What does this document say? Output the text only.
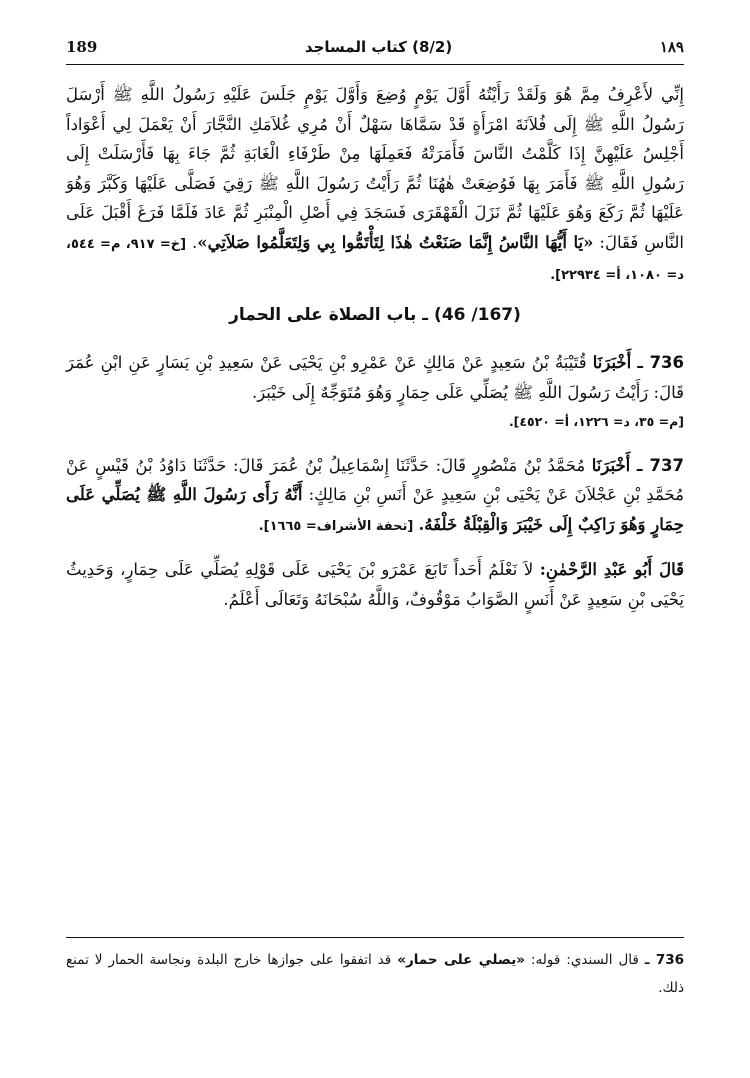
189	(8/2) كتاب المساجد	١٨٩

إِنِّي لأَعْرِفُ مِمَّ هُوَ وَلَقَدْ رَأَيْتُهُ أَوَّلَ يَوْمٍ وُضِعَ وَأَوَّلَ يَوْمٍ جَلَسَ عَلَيْهِ رَسُولُ اللَّهِ ﷺ أَرْسَلَ رَسُولُ اللَّهِ ﷺ إِلَى فُلاَنَةَ امْرَأَةٍ قَدْ سَمَّاهَا سَهْلٌ أَنْ مُرِي غُلاَمَكِ النَّجَّارَ أَنْ يَعْمَلَ لِي أَعْوَاداً أَجْلِسُ عَلَيْهِنَّ إِذَا كَلَّمْتُ النَّاسَ فَأَمَرَتْهُ فَعَمِلَهَا مِنْ طَرْفَاءِ الْغَابَةِ ثُمَّ جَاءَ بِهَا فَأَرْسَلَتْ إِلَى رَسُولِ اللَّهِ ﷺ فَأَمَرَ بِهَا فَوُضِعَتْ هٰهُنَا ثُمَّ رَأَيْتُ رَسُولَ اللَّهِ ﷺ رَقِيَ فَصَلَّى عَلَيْهَا وَكَبَّرَ وَهُوَ عَلَيْهَا ثُمَّ رَكَعَ وَهُوَ عَلَيْهَا ثُمَّ نَزَلَ الْقَهْقَرَى فَسَجَدَ فِي أَصْلِ الْمِنْبَرِ ثُمَّ عَادَ فَلَمَّا فَرَغَ أَقْبَلَ عَلَى النَّاسِ فَقَالَ: «يَا أَيُّهَا النَّاسُ إِنَّمَا صَنَعْتُ هٰذَا لِتَأْتَمُّوا بِي وَلِتَعَلَّمُوا صَلاَتِي». [خ= ٩١٧، م= ٥٤٤، د= ١٠٨٠، أ= ٢٢٩٣٤].

(167/ 46) ـ باب الصلاة على الحمار

736 ـ أَخْبَرَنَا قُتَيْبَةُ بْنُ سَعِيدٍ عَنْ مَالِكٍ عَنْ عَمْرِو بْنِ يَحْيَى عَنْ سَعِيدِ بْنِ يَسَارٍ عَنِ ابْنِ عُمَرَ قَالَ: رَأَيْتُ رَسُولَ اللَّهِ ﷺ يُصَلِّي عَلَى حِمَارٍ وَهُوَ مُتَوَجِّهٌ إِلَى خَيْبَرَ.

[م= ٣٥، د= ١٢٢٦، أ= ٤٥٢٠].

737 ـ أَخْبَرَنَا مُحَمَّدُ بْنُ مَنْصُورٍ قَالَ: حَدَّثَنَا إِسْمَاعِيلُ بْنُ عُمَرَ قَالَ: حَدَّثَنَا دَاوُدُ بْنُ قَيْسٍ عَنْ مُحَمَّدِ بْنِ عَجْلاَنَ عَنْ يَحْيَى بْنِ سَعِيدٍ عَنْ أَنَسِ بْنِ مَالِكٍ: أَنَّهُ رَأَى رَسُولَ اللَّهِ ﷺ يُصَلِّي عَلَى حِمَارٍ وَهُوَ رَاكِبٌ إِلَى خَيْبَرَ وَالْقِبْلَةُ خَلْفَهُ. [تحفة الأشراف= ١٦٦٥].

قَالَ أَبُو عَبْدِ الرَّحْمٰنِ: لاَ نَعْلَمُ أَحَداً تَابَعَ عَمْرَو بْنَ يَحْيَى عَلَى قَوْلِهِ يُصَلِّي عَلَى حِمَارٍ، وَحَدِيثُ يَحْيَى بْنِ سَعِيدٍ عَنْ أَنَسٍ الصَّوَابُ مَوْقُوفٌ، وَاللَّهُ سُبْحَانَهُ وَتَعَالَى أَعْلَمُ.

736 ـ قال السندي: قوله: «يصلي على حمار» قد اتفقوا على جوازها خارج البلدة ونجاسة الحمار لا تمنع ذلك.
